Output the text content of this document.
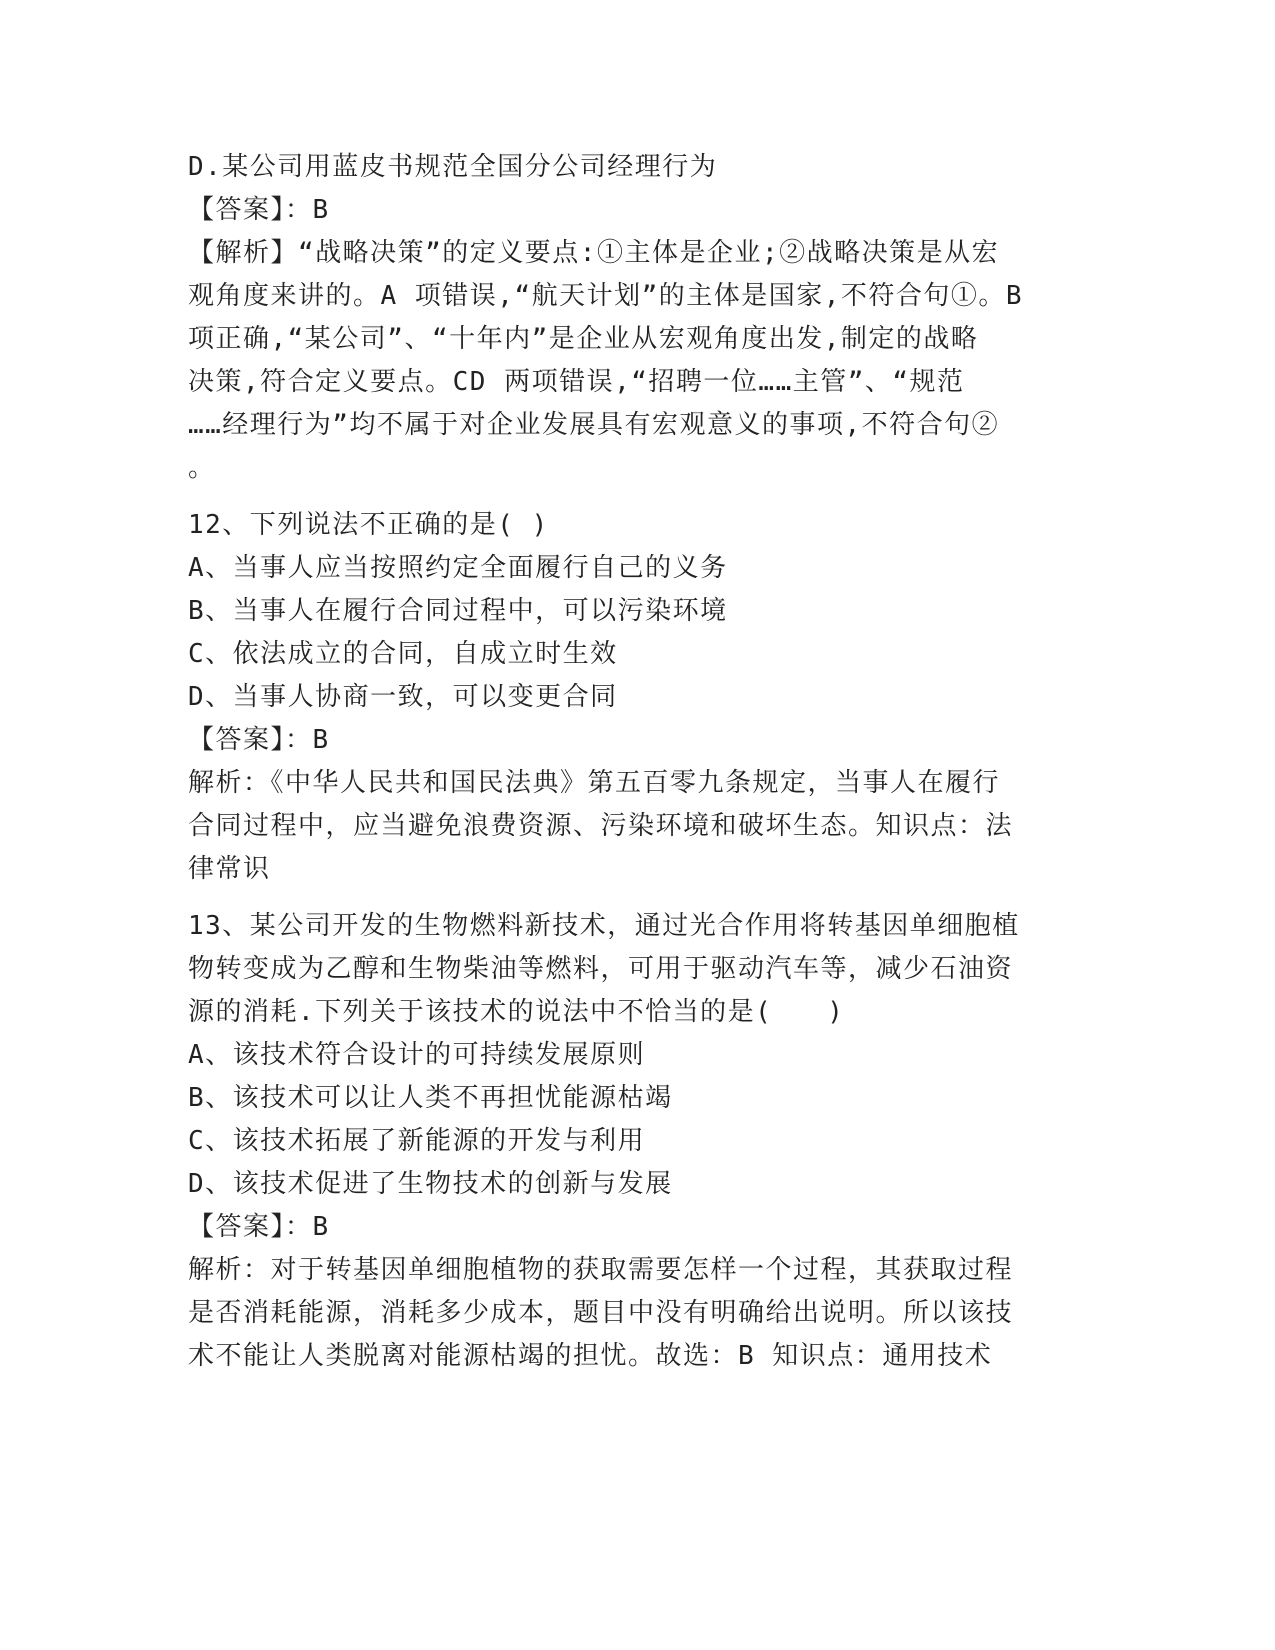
D.某公司用蓝皮书规范全国分公司经理行为
【答案】：B
【解析】“战略决策”的定义要点:①主体是企业;②战略决策是从宏
观角度来讲的。A 项错误,“航天计划”的主体是国家,不符合句①。B
项正确,“某公司”、“十年内”是企业从宏观角度出发,制定的战略
决策,符合定义要点。CD 两项错误,“招聘一位……主管”、“规范
……经理行为”均不属于对企业发展具有宏观意义的事项,不符合句②
。
12、下列说法不正确的是( )
A、当事人应当按照约定全面履行自己的义务
B、当事人在履行合同过程中，可以污染环境
C、依法成立的合同，自成立时生效
D、当事人协商一致，可以变更合同
【答案】：B
解析：《中华人民共和国民法典》第五百零九条规定，当事人在履行
合同过程中，应当避免浪费资源、污染环境和破坏生态。知识点：法
律常识
13、某公司开发的生物燃料新技术，通过光合作用将转基因单细胞植
物转变成为乙醇和生物柴油等燃料，可用于驱动汽车等，减少石油资
源的消耗.下列关于该技术的说法中不恰当的是(　　)
A、该技术符合设计的可持续发展原则
B、该技术可以让人类不再担忧能源枯竭
C、该技术拓展了新能源的开发与利用
D、该技术促进了生物技术的创新与发展
【答案】：B
解析：对于转基因单细胞植物的获取需要怎样一个过程，其获取过程
是否消耗能源，消耗多少成本，题目中没有明确给出说明。所以该技
术不能让人类脱离对能源枯竭的担忧。故选：B 知识点：通用技术
